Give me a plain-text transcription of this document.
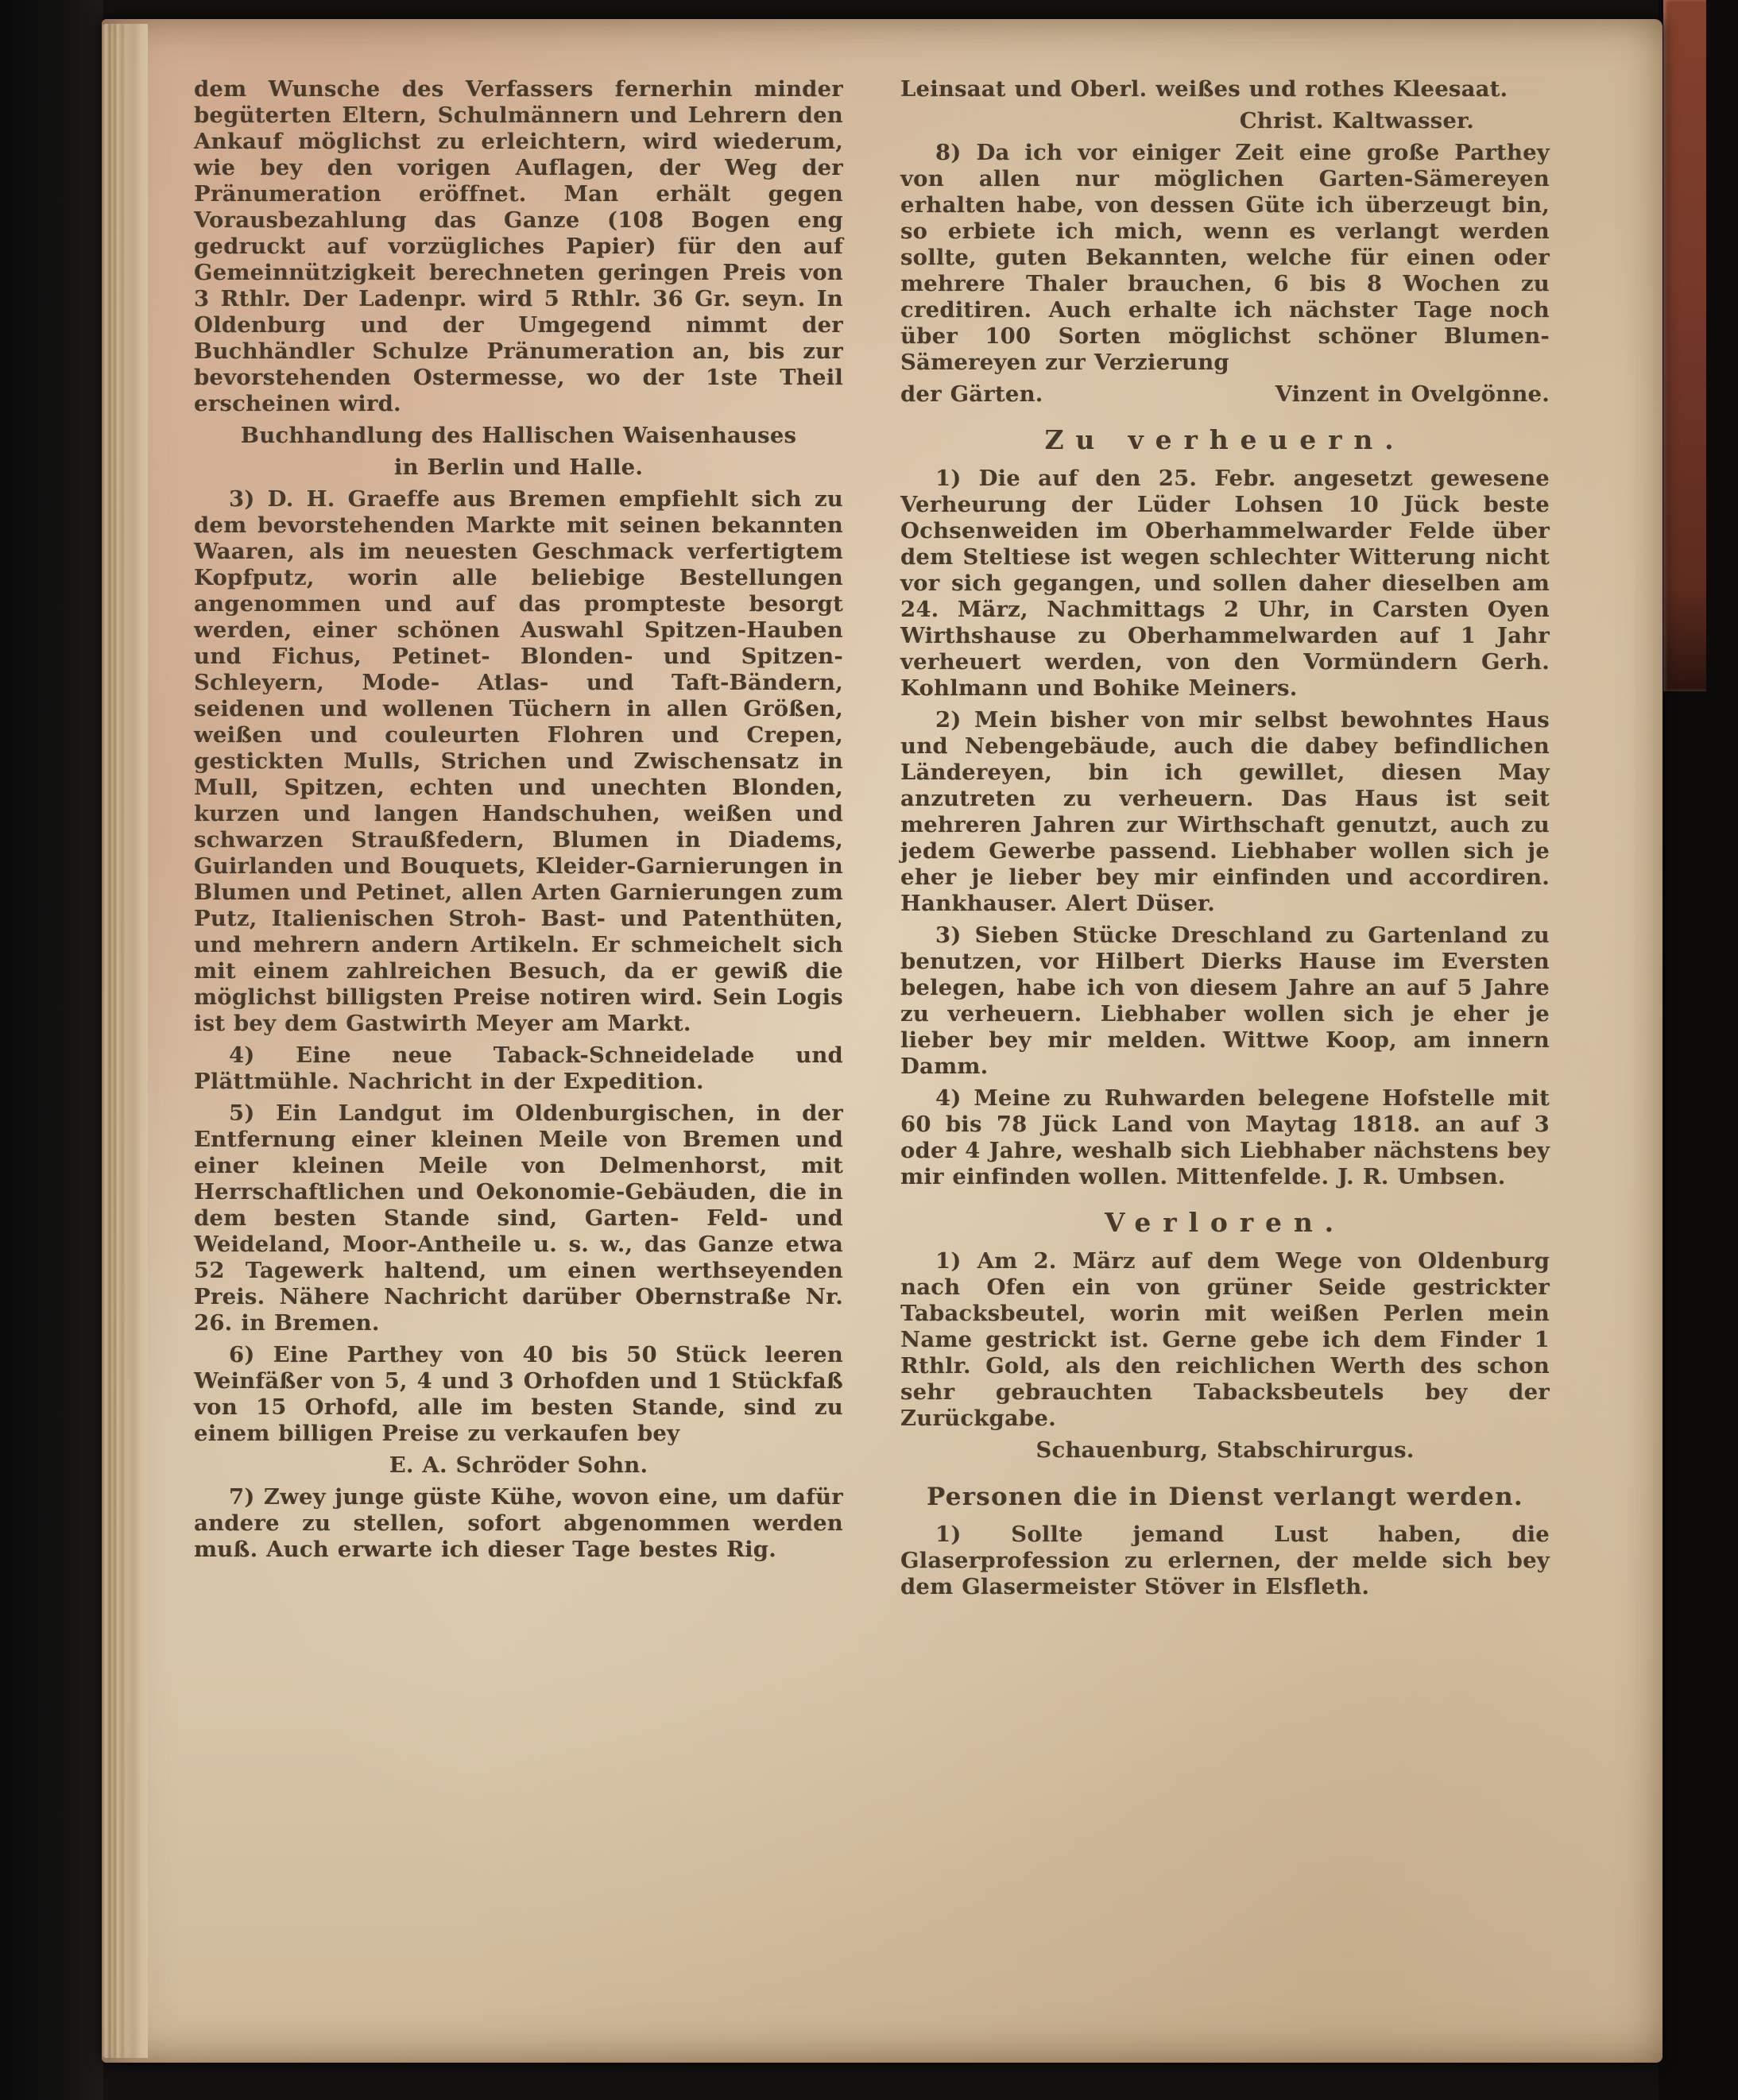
dem Wunsche des Verfassers fernerhin minder begüterten Eltern, Schulmännern und Lehrern den Ankauf möglichst zu erleichtern, wird wiederum, wie bey den vorigen Auflagen, der Weg der Pränumeration eröffnet. Man erhält gegen Vorausbezahlung das Ganze (108 Bogen eng gedruckt auf vorzügliches Papier) für den auf Gemeinnützigkeit berechneten geringen Preis von 3 Rthlr. Der Ladenpr. wird 5 Rthlr. 36 Gr. seyn. In Oldenburg und der Umgegend nimmt der Buchhändler Schulze Pränumeration an, bis zur bevorstehenden Ostermesse, wo der 1ste Theil erscheinen wird.
Buchhandlung des Hallischen Waisenhauses
in Berlin und Halle.
3) D. H. Graeffe aus Bremen empfiehlt sich zu dem bevorstehenden Markte mit seinen bekannten Waaren, als im neuesten Geschmack verfertigtem Kopfputz, worin alle beliebige Bestellungen angenommen und auf das prompteste besorgt werden, einer schönen Auswahl Spitzen-Hauben und Fichus, Petinet- Blonden- und Spitzen-Schleyern, Mode- Atlas- und Taft-Bändern, seidenen und wollenen Tüchern in allen Größen, weißen und couleurten Flohren und Crepen, gestickten Mulls, Strichen und Zwischensatz in Mull, Spitzen, echten und unechten Blonden, kurzen und langen Handschuhen, weißen und schwarzen Straußfedern, Blumen in Diadems, Guirlanden und Bouquets, Kleider-Garnierungen in Blumen und Petinet, allen Arten Garnierungen zum Putz, Italienischen Stroh- Bast- und Patenthüten, und mehrern andern Artikeln. Er schmeichelt sich mit einem zahlreichen Besuch, da er gewiß die möglichst billigsten Preise notiren wird. Sein Logis ist bey dem Gastwirth Meyer am Markt.
4) Eine neue Taback-Schneidelade und Plättmühle. Nachricht in der Expedition.
5) Ein Landgut im Oldenburgischen, in der Entfernung einer kleinen Meile von Bremen und einer kleinen Meile von Delmenhorst, mit Herrschaftlichen und Oekonomie-Gebäuden, die in dem besten Stande sind, Garten- Feld- und Weideland, Moor-Antheile u. s. w., das Ganze etwa 52 Tagewerk haltend, um einen werthseyenden Preis. Nähere Nachricht darüber Obernstraße Nr. 26. in Bremen.
6) Eine Parthey von 40 bis 50 Stück leeren Weinfäßer von 5, 4 und 3 Orhofden und 1 Stückfaß von 15 Orhofd, alle im besten Stande, sind zu einem billigen Preise zu verkaufen bey
E. A. Schröder Sohn.
7) Zwey junge güste Kühe, wovon eine, um dafür andere zu stellen, sofort abgenommen werden muß. Auch erwarte ich dieser Tage bestes Rig.
Leinsaat und Oberl. weißes und rothes Kleesaat.
Christ. Kaltwasser.
8) Da ich vor einiger Zeit eine große Parthey von allen nur möglichen Garten-Sämereyen erhalten habe, von dessen Güte ich überzeugt bin, so erbiete ich mich, wenn es verlangt werden sollte, guten Bekannten, welche für einen oder mehrere Thaler brauchen, 6 bis 8 Wochen zu creditiren. Auch erhalte ich nächster Tage noch über 100 Sorten möglichst schöner Blumen-Sämereyen zur Verzierung
der Gärten.	Vinzent in Ovelgönne.
Zu verheuern.
1) Die auf den 25. Febr. angesetzt gewesene Verheurung der Lüder Lohsen 10 Jück beste Ochsenweiden im Oberhammelwarder Felde über dem Steltiese ist wegen schlechter Witterung nicht vor sich gegangen, und sollen daher dieselben am 24. März, Nachmittags 2 Uhr, in Carsten Oyen Wirthshause zu Oberhammelwarden auf 1 Jahr verheuert werden, von den Vormündern Gerh. Kohlmann und Bohike Meiners.
2) Mein bisher von mir selbst bewohntes Haus und Nebengebäude, auch die dabey befindlichen Ländereyen, bin ich gewillet, diesen May anzutreten zu verheuern. Das Haus ist seit mehreren Jahren zur Wirthschaft genutzt, auch zu jedem Gewerbe passend. Liebhaber wollen sich je eher je lieber bey mir einfinden und accordiren. Hankhauser. Alert Düser.
3) Sieben Stücke Dreschland zu Gartenland zu benutzen, vor Hilbert Dierks Hause im Eversten belegen, habe ich von diesem Jahre an auf 5 Jahre zu verheuern. Liebhaber wollen sich je eher je lieber bey mir melden. Wittwe Koop, am innern Damm.
4) Meine zu Ruhwarden belegene Hofstelle mit 60 bis 78 Jück Land von Maytag 1818. an auf 3 oder 4 Jahre, weshalb sich Liebhaber nächstens bey mir einfinden wollen. Mittenfelde. J. R. Umbsen.
Verloren.
1) Am 2. März auf dem Wege von Oldenburg nach Ofen ein von grüner Seide gestrickter Tabacksbeutel, worin mit weißen Perlen mein Name gestrickt ist. Gerne gebe ich dem Finder 1 Rthlr. Gold, als den reichlichen Werth des schon sehr gebrauchten Tabacksbeutels bey der Zurückgabe.
Schauenburg, Stabschirurgus.
Personen die in Dienst verlangt werden.
1) Sollte jemand Lust haben, die Glaserprofession zu erlernen, der melde sich bey dem Glasermeister Stöver in Elsfleth.
